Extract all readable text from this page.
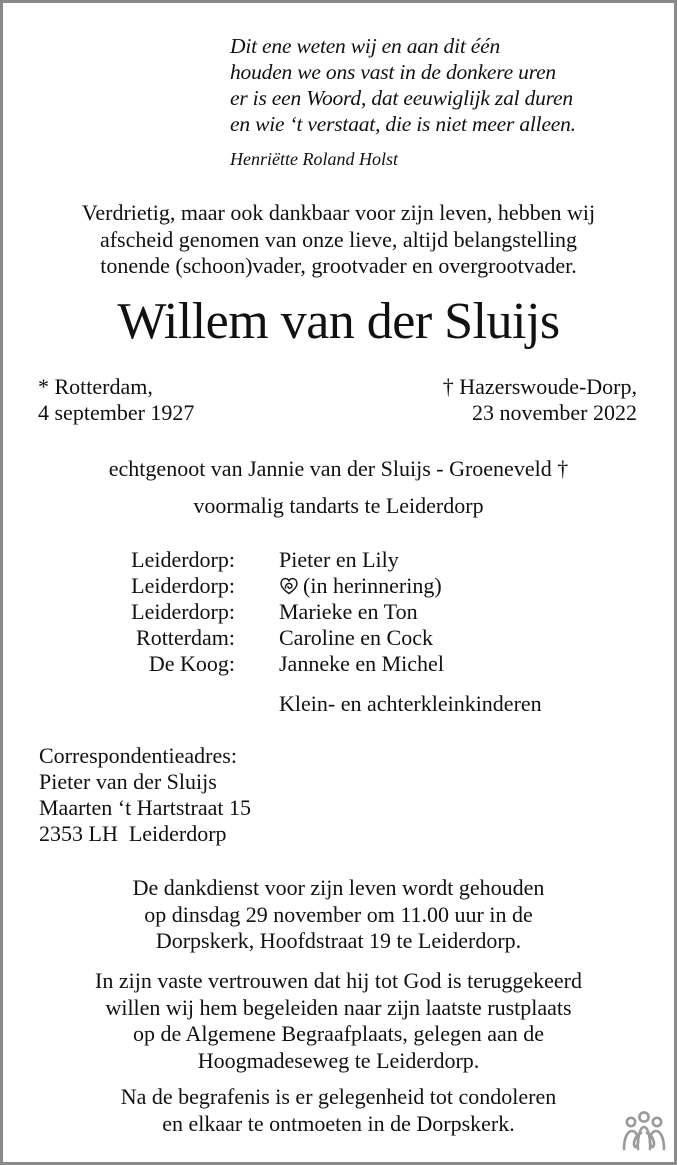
Dit ene weten wij en aan dit één
houden we ons vast in de donkere uren
er is een Woord, dat eeuwiglijk zal duren
en wie ‘t verstaat, die is niet meer alleen.
Henriëtte Roland Holst
Verdrietig, maar ook dankbaar voor zijn leven, hebben wij
afscheid genomen van onze lieve, altijd belangstelling
tonende (schoon)vader, grootvader en overgrootvader.
Willem van der Sluijs
* Rotterdam,
4 september 1927
† Hazerswoude-Dorp,
23 november 2022
echtgenoot van Jannie van der Sluijs - Groeneveld †
voormalig tandarts te Leiderdorp
Leiderdorp: Pieter en Lily
Leiderdorp:	(in herinnering)
Leiderdorp: Marieke en Ton
Rotterdam: Caroline en Cock
De Koog: Janneke en Michel
Klein- en achterkleinkinderen
Correspondentieadres:
Pieter van der Sluijs
Maarten ‘t Hartstraat 15
2353 LH  Leiderdorp
De dankdienst voor zijn leven wordt gehouden
op dinsdag 29 november om 11.00 uur in de
Dorpskerk, Hoofdstraat 19 te Leiderdorp.
In zijn vaste vertrouwen dat hij tot God is teruggekeerd
willen wij hem begeleiden naar zijn laatste rustplaats
op de Algemene Begraafplaats, gelegen aan de
Hoogmadeseweg te Leiderdorp.
Na de begrafenis is er gelegenheid tot condoleren
en elkaar te ontmoeten in de Dorpskerk.
